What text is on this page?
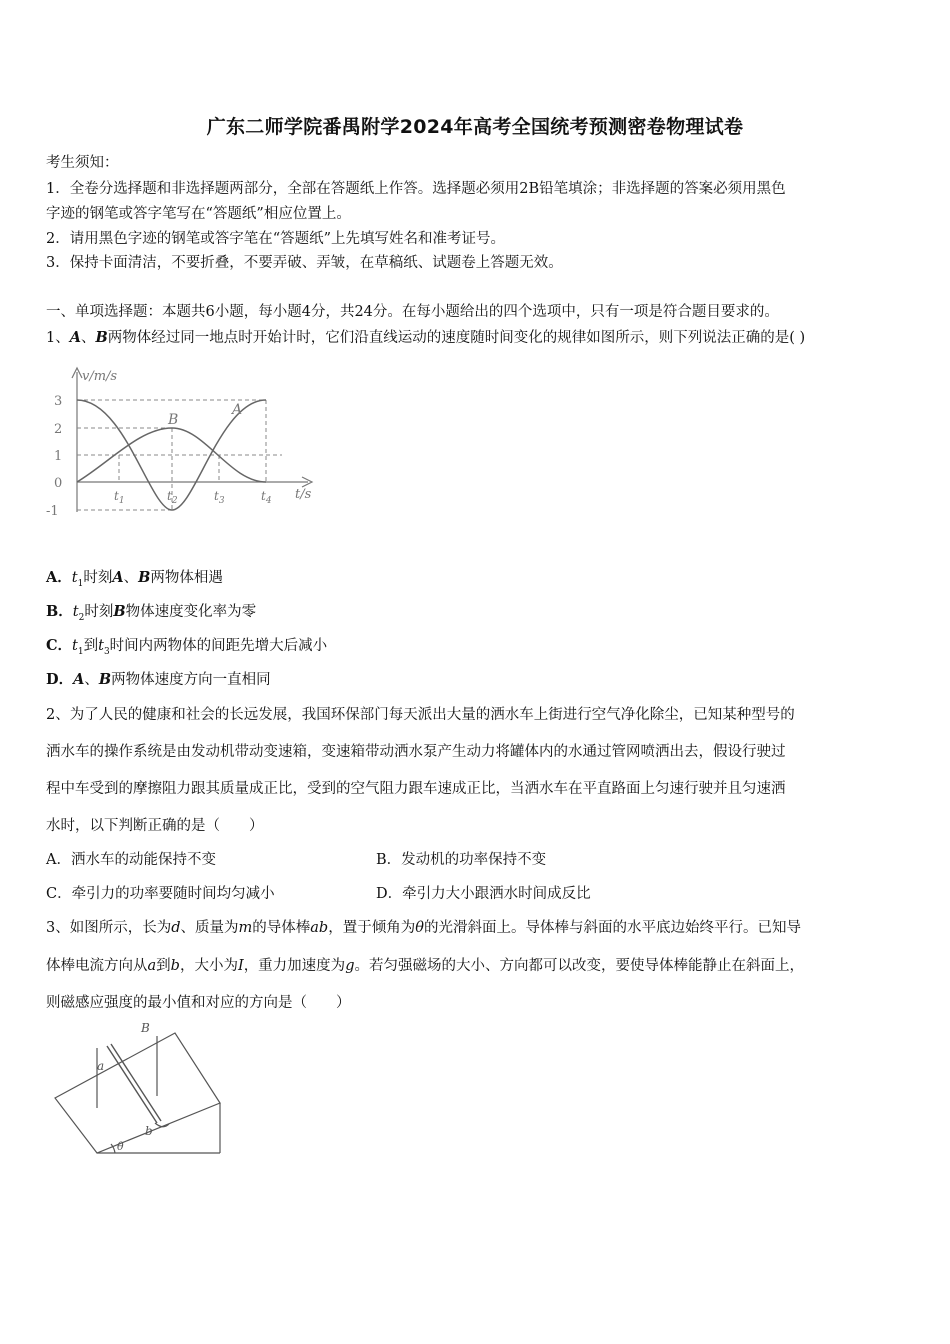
广东二师学院番禺附学2024年高考全国统考预测密卷物理试卷
考生须知：
1．全卷分选择题和非选择题两部分，全部在答题纸上作答。选择题必须用2B铅笔填涂；非选择题的答案必须用黑色
字迹的钢笔或答字笔写在“答题纸”相应位置上。
2．请用黑色字迹的钢笔或答字笔在“答题纸”上先填写姓名和准考证号。
3．保持卡面清洁，不要折叠，不要弄破、弄皱，在草稿纸、试题卷上答题无效。
一、单项选择题：本题共6小题，每小题4分，共24分。在每小题给出的四个选项中，只有一项是符合题目要求的。
1、A、B两物体经过同一地点时开始计时，它们沿直线运动的速度随时间变化的规律如图所示，则下列说法正确的是( )
v/m/s
t/s
3
2
1
0
-1
$t_1$	$t_2$	$t_3$	$t_4$
B
A
A．$t_1$时刻A、B两物体相遇
B．$t_2$时刻B物体速度变化率为零
C．$t_1$到$t_3$时间内两物体的间距先增大后减小
D．A、B两物体速度方向一直相同
2、为了人民的健康和社会的长远发展，我国环保部门每天派出大量的洒水车上街进行空气净化除尘，已知某种型号的
洒水车的操作系统是由发动机带动变速箱，变速箱带动洒水泵产生动力将罐体内的水通过管网喷洒出去，假设行驶过
程中车受到的摩擦阻力跟其质量成正比，受到的空气阻力跟车速成正比，当洒水车在平直路面上匀速行驶并且匀速洒
水时，以下判断正确的是（　　）
A．洒水车的动能保持不变	B．发动机的功率保持不变
C．牵引力的功率要随时间均匀减小	D．牵引力大小跟洒水时间成反比
3、如图所示，长为d、质量为m的导体棒ab，置于倾角为θ的光滑斜面上。导体棒与斜面的水平底边始终平行。已知导
体棒电流方向从a到b，大小为I，重力加速度为g。若匀强磁场的大小、方向都可以改变，要使导体棒能静止在斜面上，
则磁感应强度的最小值和对应的方向是（　　）
B
a
b
θ
